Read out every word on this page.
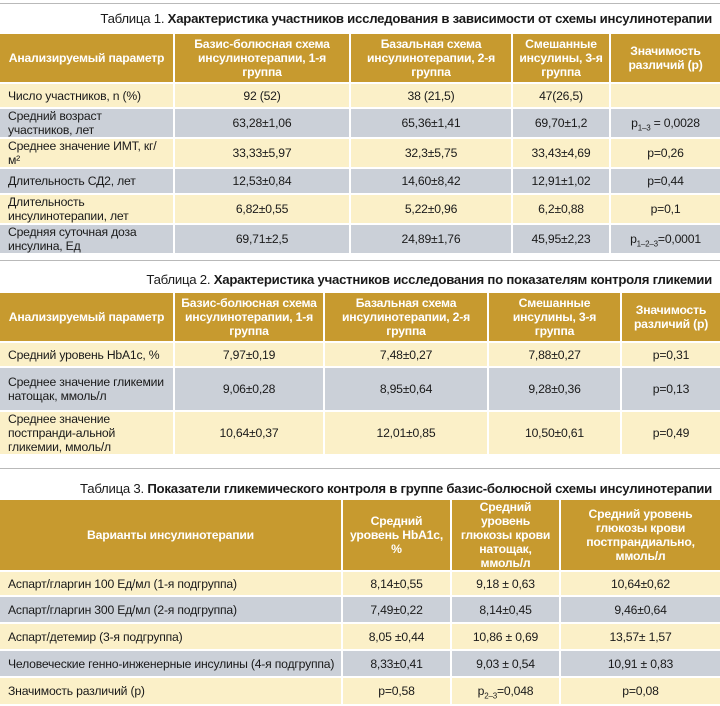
Таблица 1. Характеристика участников исследования в зависимости от схемы инсулинотерапии
Анализируемый параметр	Базис-болюсная схема инсулинотерапии, 1-я группа	Базальная схема инсулинотерапии, 2-я группа	Смешанные инсулины, 3-я группа	Значимость различий (р)
Число участников, n (%)	92 (52)	38 (21,5)	47(26,5)	
Средний возраст участников, лет	63,28±1,06	65,36±1,41	69,70±1,2	$p_{1-3} = 0,0028$
Среднее значение ИМТ, кг/м²	33,33±5,97	32,3±5,75	33,43±4,69	p=0,26
Длительность СД2, лет	12,53±0,84	14,60±8,42	12,91±1,02	p=0,44
Длительность инсулинотерапии, лет	6,82±0,55	5,22±0,96	6,2±0,88	p=0,1
Средняя суточная доза инсулина, Ед	69,71±2,5	24,89±1,76	45,95±2,23	$p_{1-2-3}=0,0001$
Таблица 2. Характеристика участников исследования по показателям контроля гликемии
Анализируемый параметр	Базис-болюсная схема инсулинотерапии, 1-я группа	Базальная схема инсулинотерапии, 2-я группа	Смешанные инсулины, 3-я группа	Значимость различий (р)
Средний уровень HbA1c, %	7,97±0,19	7,48±0,27	7,88±0,27	p=0,31
Среднее значение гликемии натощак, ммоль/л	9,06±0,28	8,95±0,64	9,28±0,36	p=0,13
Среднее значение постпранди-альной гликемии, ммоль/л	10,64±0,37	12,01±0,85	10,50±0,61	p=0,49
Таблица 3. Показатели гликемического контроля в группе базис-болюсной схемы инсулинотерапии
Варианты инсулинотерапии	Средний уровень HbA1c, %	Средний уровень глюкозы крови натощак, ммоль/л	Средний уровень глюкозы крови постпрандиально, ммоль/л
Аспарт/гларгин 100 Ед/мл (1-я подгруппа)	8,14±0,55	9,18 ± 0,63	10,64±0,62
Аспарт/гларгин 300 Ед/мл (2-я подгруппа)	7,49±0,22	8,14±0,45	9,46±0,64
Аспарт/детемир (3-я подгруппа)	8,05 ±0,44	10,86 ± 0,69	13,57± 1,57
Человеческие генно-инженерные инсулины (4-я подгруппа)	8,33±0,41	9,03 ± 0,54	10,91 ± 0,83
Значимость различий (p)	p=0,58	$p_{2-3}=0,048$	p=0,08
